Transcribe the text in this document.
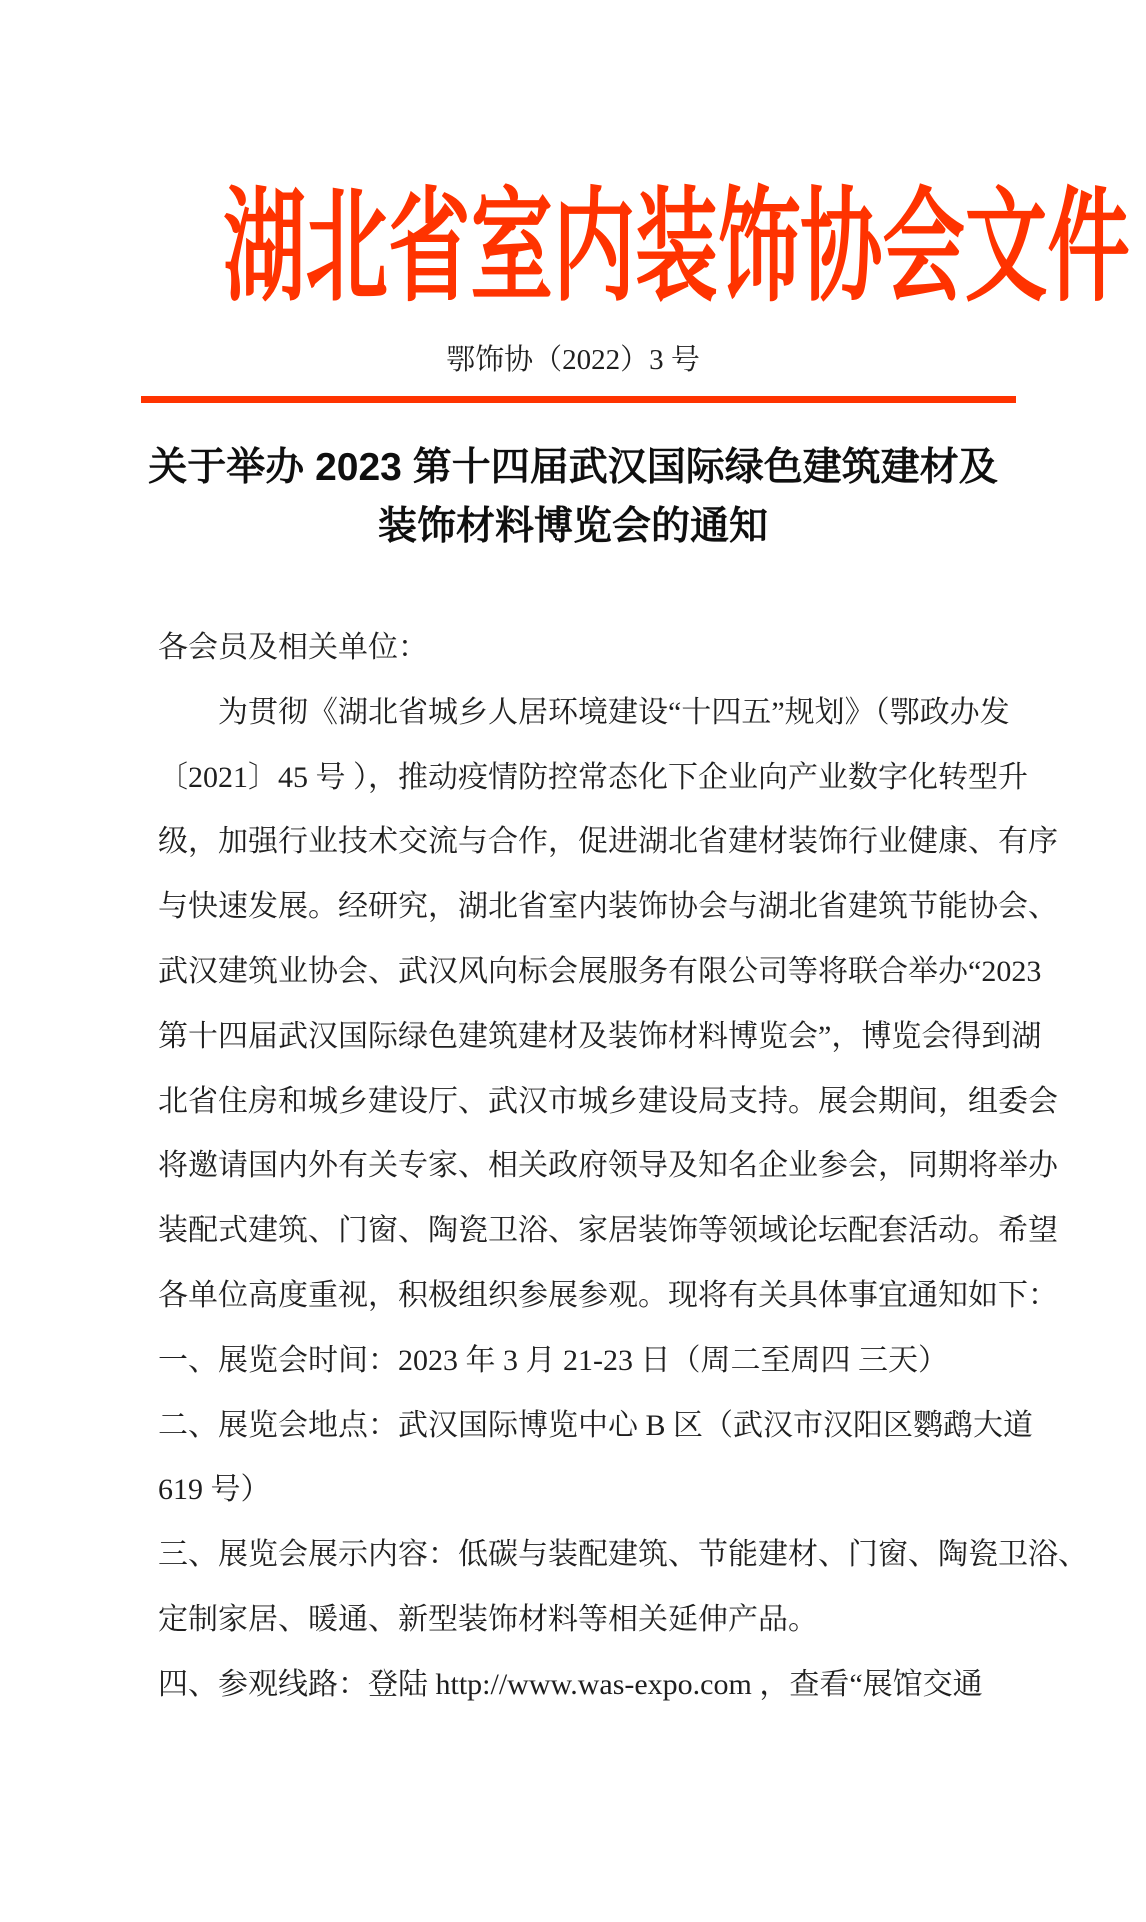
湖北省室内装饰协会文件
鄂饰协（2022）3 号
关于举办 2023 第十四届武汉国际绿色建筑建材及
装饰材料博览会的通知
各会员及相关单位：
为贯彻《湖北省城乡人居环境建设“十四五”规划》（鄂政办发
〔2021〕45 号 ），推动疫情防控常态化下企业向产业数字化转型升
级，加强行业技术交流与合作，促进湖北省建材装饰行业健康、有序
与快速发展。经研究，湖北省室内装饰协会与湖北省建筑节能协会、
武汉建筑业协会、武汉风向标会展服务有限公司等将联合举办“2023
第十四届武汉国际绿色建筑建材及装饰材料博览会”，博览会得到湖
北省住房和城乡建设厅、武汉市城乡建设局支持。展会期间，组委会
将邀请国内外有关专家、相关政府领导及知名企业参会，同期将举办
装配式建筑、门窗、陶瓷卫浴、家居装饰等领域论坛配套活动。希望
各单位高度重视，积极组织参展参观。现将有关具体事宜通知如下：
一、展览会时间：2023 年 3 月 21-23 日（周二至周四 三天）
二、展览会地点：武汉国际博览中心 B 区（武汉市汉阳区鹦鹉大道
619 号）
三、展览会展示内容：低碳与装配建筑、节能建材、门窗、陶瓷卫浴、
定制家居、暖通、新型装饰材料等相关延伸产品。
四、参观线路：登陆 http://www.was-expo.com ，查看“展馆交通
